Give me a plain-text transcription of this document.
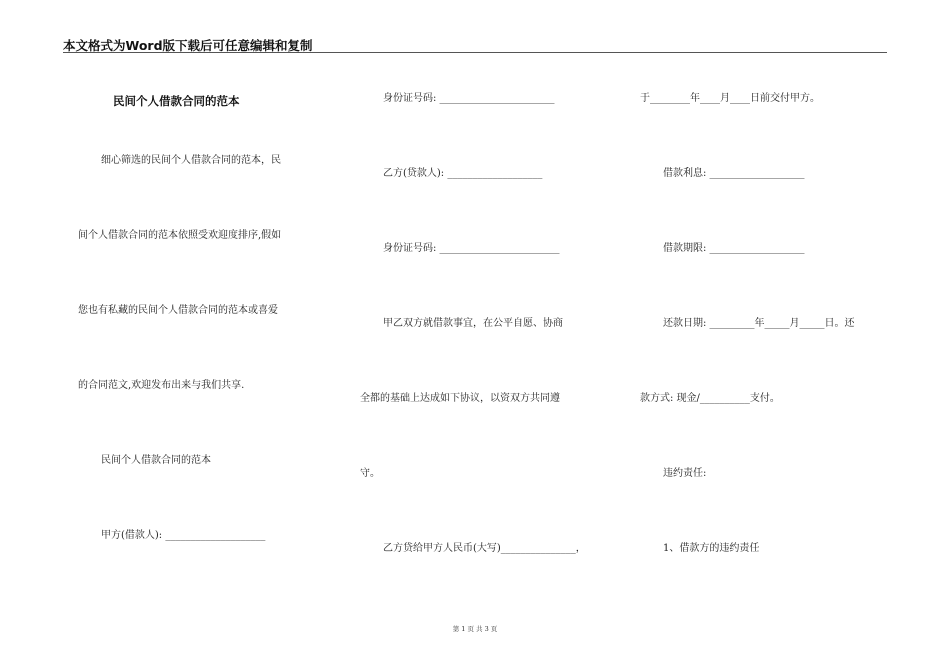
本文格式为Word版下载后可任意编辑和复制
民间个人借款合同的范本
细心筛选的民间个人借款合同的范本，民
间个人借款合同的范本依照受欢迎度排序,假如
您也有私藏的民间个人借款合同的范本或喜爱
的合同范文,欢迎发布出来与我们共享.
民间个人借款合同的范本
甲方(借款人): ____________________
身份证号码: _______________________
乙方(贷款人): ___________________
身份证号码: ________________________
甲乙双方就借款事宜，在公平自愿、协商
全都的基础上达成如下协议，以资双方共同遵
守。
乙方贷给甲方人民币(大写)_______________，
于________年____月____日前交付甲方。
借款利息: ___________________
借款期限: ___________________
还款日期: _________年_____月_____日。还
款方式: 现金/__________支付。
违约责任:
1、借款方的违约责任
第 1 页 共 3 页
